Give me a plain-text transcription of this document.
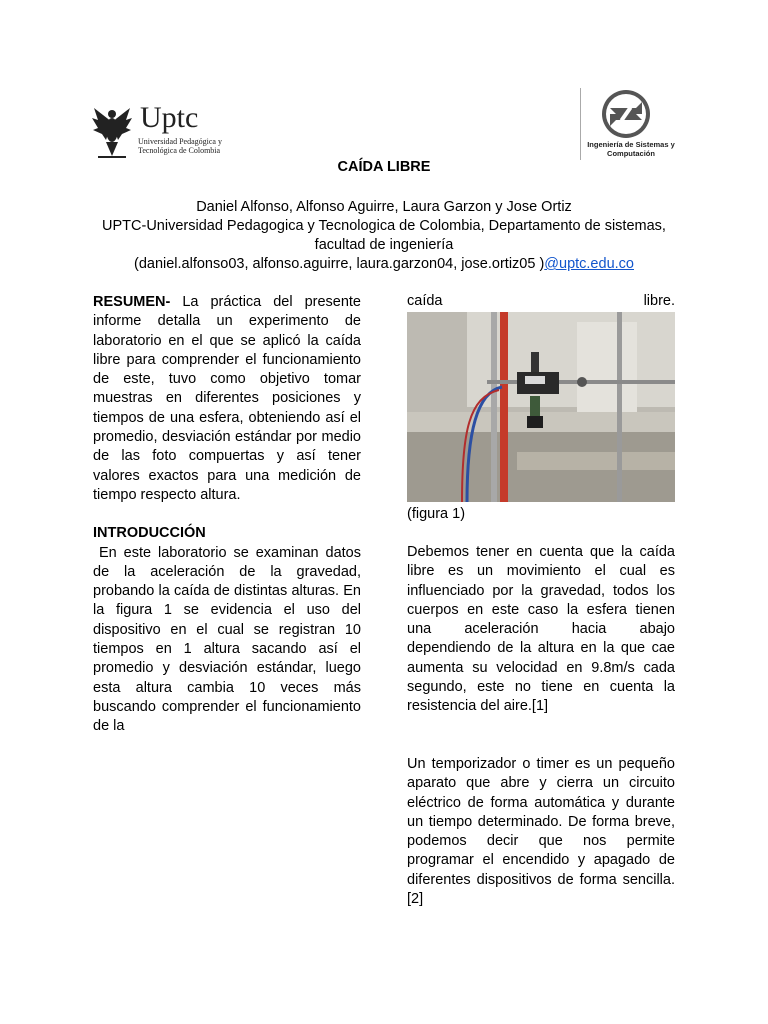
Uptc
Universidad Pedagógica y Tecnológica de Colombia
Ingeniería de Sistemas y Computación
CAÍDA LIBRE
Daniel Alfonso, Alfonso Aguirre, Laura Garzon y Jose Ortiz
UPTC-Universidad Pedagogica y Tecnologica de Colombia, Departamento de sistemas, facultad de ingeniería
(daniel.alfonso03, alfonso.aguirre, laura.garzon04, jose.ortiz05 )@uptc.edu.co

RESUMEN- La práctica del presente informe detalla un experimento de laboratorio en el que se aplicó la caída libre para comprender el funcionamiento de este, tuvo como objetivo tomar muestras en diferentes posiciones y tiempos de una esfera, obteniendo así el promedio, desviación estándar por medio de las foto compuertas y así tener valores exactos para una medición de tiempo respecto altura.

INTRODUCCIÓN

En este laboratorio se examinan datos de la aceleración de la gravedad, probando la caída de distintas alturas. En la figura 1 se evidencia el uso del dispositivo en el cual se registran 10 tiempos en 1 altura sacando así el promedio y desviación estándar, luego esta altura cambia 10 veces más buscando comprender el funcionamiento de la

caída	libre.
(figura 1)

Debemos tener en cuenta que la caída libre es un movimiento el cual es influenciado por la gravedad, todos los cuerpos en este caso la esfera tienen una aceleración hacia abajo dependiendo de la altura en la que cae aumenta su velocidad en 9.8m/s cada segundo, este no tiene en cuenta la resistencia del aire.[1]

Un temporizador o timer es un pequeño aparato que abre y cierra un circuito eléctrico de forma automática y durante un tiempo determinado. De forma breve, podemos decir que nos permite programar el encendido y apagado de diferentes dispositivos de forma sencilla.[2]
